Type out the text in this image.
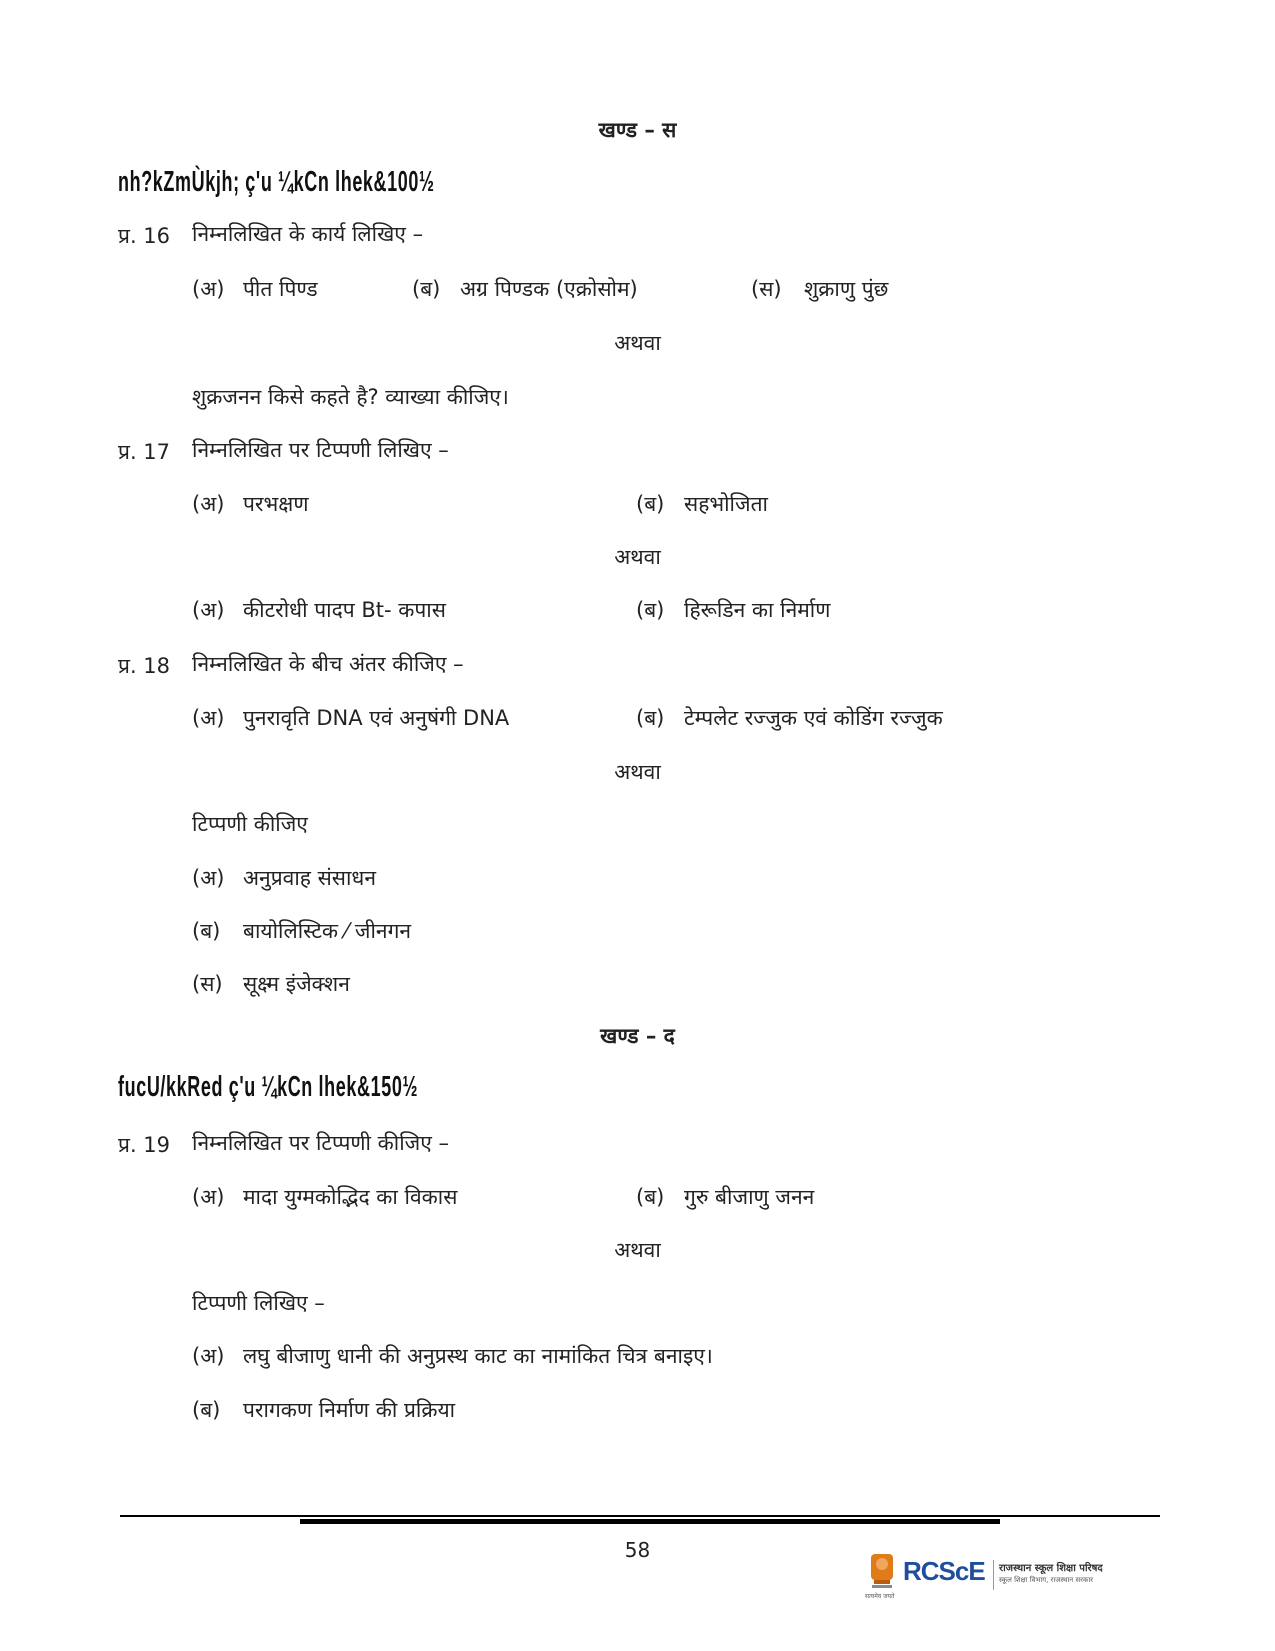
खण्ड – स
nh?kZmÙkjh; ç'u ¼kCn lhek&100½
प्र. 16 निम्नलिखित के कार्य लिखिए –
(अ) पीत पिण्ड	(ब) अग्र पिण्डक (एक्रोसोम)	(स) शुक्राणु पुंछ
अथवा
शुक्रजनन किसे कहते है? व्याख्या कीजिए।
प्र. 17 निम्नलिखित पर टिप्पणी लिखिए –
(अ) परभक्षण	(ब) सहभोजिता
अथवा
(अ) कीटरोधी पादप Bt- कपास	(ब) हिरूडिन का निर्माण
प्र. 18 निम्नलिखित के बीच अंतर कीजिए –
(अ) पुनरावृति DNA एवं अनुषंगी DNA	(ब) टेम्पलेट रज्जुक एवं कोडिंग रज्जुक
अथवा
टिप्पणी कीजिए
(अ) अनुप्रवाह संसाधन
(ब) बायोलिस्टिक ⁄ जीनगन
(स) सूक्ष्म इंजेक्शन
खण्ड – द
fucU/kkRed ç'u ¼kCn lhek&150½
प्र. 19 निम्नलिखित पर टिप्पणी कीजिए –
(अ) मादा युग्मकोद्भिद का विकास	(ब) गुरु बीजाणु जनन
अथवा
टिप्पणी लिखिए –
(अ) लघु बीजाणु धानी की अनुप्रस्थ काट का नामांकित चित्र बनाइए।
(ब) परागकण निर्माण की प्रक्रिया
58
सत्यमेव जयते
RCScE राजस्थान स्कूल शिक्षा परिषद
स्कूल शिक्षा विभाग, राजस्थान सरकार
